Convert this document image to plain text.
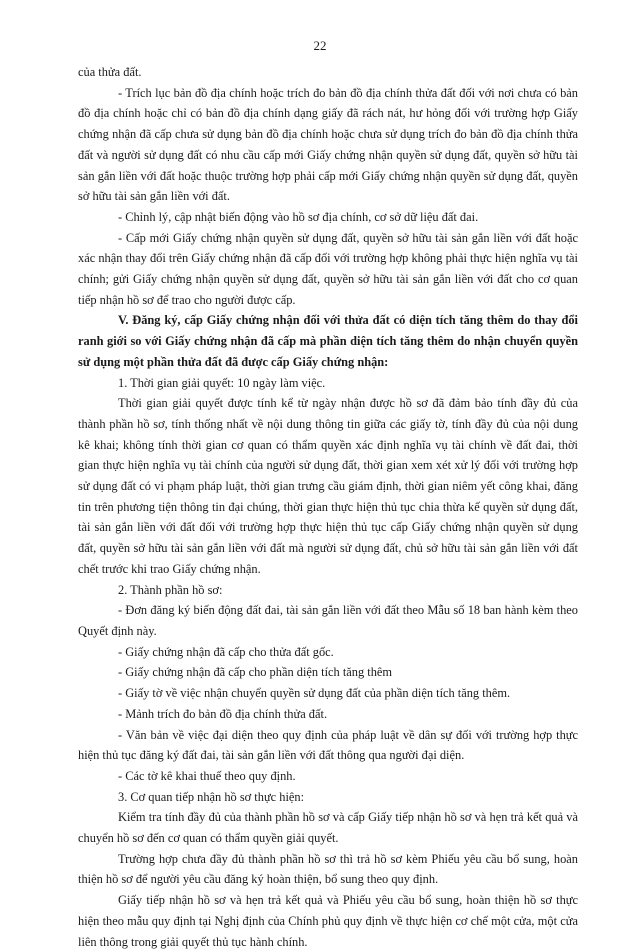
22

của thửa đất.

- Trích lục bản đồ địa chính hoặc trích đo bản đồ địa chính thửa đất đối với nơi chưa có bản đồ địa chính hoặc chỉ có bản đồ địa chính dạng giấy đã rách nát, hư hỏng đối với trường hợp Giấy chứng nhận đã cấp chưa sử dụng bản đồ địa chính hoặc chưa sử dụng trích đo bản đồ địa chính thửa đất và người sử dụng đất có nhu cầu cấp mới Giấy chứng nhận quyền sử dụng đất, quyền sở hữu tài sản gắn liền với đất hoặc thuộc trường hợp phải cấp mới Giấy chứng nhận quyền sử dụng đất, quyền sở hữu tài sản gắn liền với đất.

- Chỉnh lý, cập nhật biến động vào hồ sơ địa chính, cơ sở dữ liệu đất đai.

- Cấp mới Giấy chứng nhận quyền sử dụng đất, quyền sở hữu tài sản gắn liền với đất hoặc xác nhận thay đổi trên Giấy chứng nhận đã cấp đối với trường hợp không phải thực hiện nghĩa vụ tài chính; gửi Giấy chứng nhận quyền sử dụng đất, quyền sở hữu tài sản gắn liền với đất cho cơ quan tiếp nhận hồ sơ để trao cho người được cấp.

V. Đăng ký, cấp Giấy chứng nhận đối với thửa đất có diện tích tăng thêm do thay đổi ranh giới so với Giấy chứng nhận đã cấp mà phần diện tích tăng thêm do nhận chuyển quyền sử dụng một phần thửa đất đã được cấp Giấy chứng nhận:

1. Thời gian giải quyết: 10 ngày làm việc.

Thời gian giải quyết được tính kể từ ngày nhận được hồ sơ đã đảm bảo tính đầy đủ của thành phần hồ sơ, tính thống nhất về nội dung thông tin giữa các giấy tờ, tính đầy đủ của nội dung kê khai; không tính thời gian cơ quan có thẩm quyền xác định nghĩa vụ tài chính về đất đai, thời gian thực hiện nghĩa vụ tài chính của người sử dụng đất, thời gian xem xét xử lý đối với trường hợp sử dụng đất có vi phạm pháp luật, thời gian trưng cầu giám định, thời gian niêm yết công khai, đăng tin trên phương tiện thông tin đại chúng, thời gian thực hiện thủ tục chia thừa kế quyền sử dụng đất, tài sản gắn liền với đất đối với trường hợp thực hiện thủ tục cấp Giấy chứng nhận quyền sử dụng đất, quyền sở hữu tài sản gắn liền với đất mà người sử dụng đất, chủ sở hữu tài sản gắn liền với đất chết trước khi trao Giấy chứng nhận.

2. Thành phần hồ sơ:

- Đơn đăng ký biến động đất đai, tài sản gắn liền với đất theo Mẫu số 18 ban hành kèm theo Quyết định này.

- Giấy chứng nhận đã cấp cho thửa đất gốc.

- Giấy chứng nhận đã cấp cho phần diện tích tăng thêm

- Giấy tờ về việc nhận chuyển quyền sử dụng đất của phần diện tích tăng thêm.

- Mảnh trích đo bản đồ địa chính thửa đất.

- Văn bản về việc đại diện theo quy định của pháp luật về dân sự đối với trường hợp thực hiện thủ tục đăng ký đất đai, tài sản gắn liền với đất thông qua người đại diện.

- Các tờ kê khai thuế theo quy định.

3. Cơ quan tiếp nhận hồ sơ thực hiện:

Kiểm tra tính đầy đủ của thành phần hồ sơ và cấp Giấy tiếp nhận hồ sơ và hẹn trả kết quả và chuyển hồ sơ đến cơ quan có thẩm quyền giải quyết.

Trường hợp chưa đầy đủ thành phần hồ sơ thì trả hồ sơ kèm Phiếu yêu cầu bổ sung, hoàn thiện hồ sơ để người yêu cầu đăng ký hoàn thiện, bổ sung theo quy định.

Giấy tiếp nhận hồ sơ và hẹn trả kết quả và Phiếu yêu cầu bổ sung, hoàn thiện hồ sơ thực hiện theo mẫu quy định tại Nghị định của Chính phủ quy định về thực hiện cơ chế một cửa, một cửa liên thông trong giải quyết thủ tục hành chính.
